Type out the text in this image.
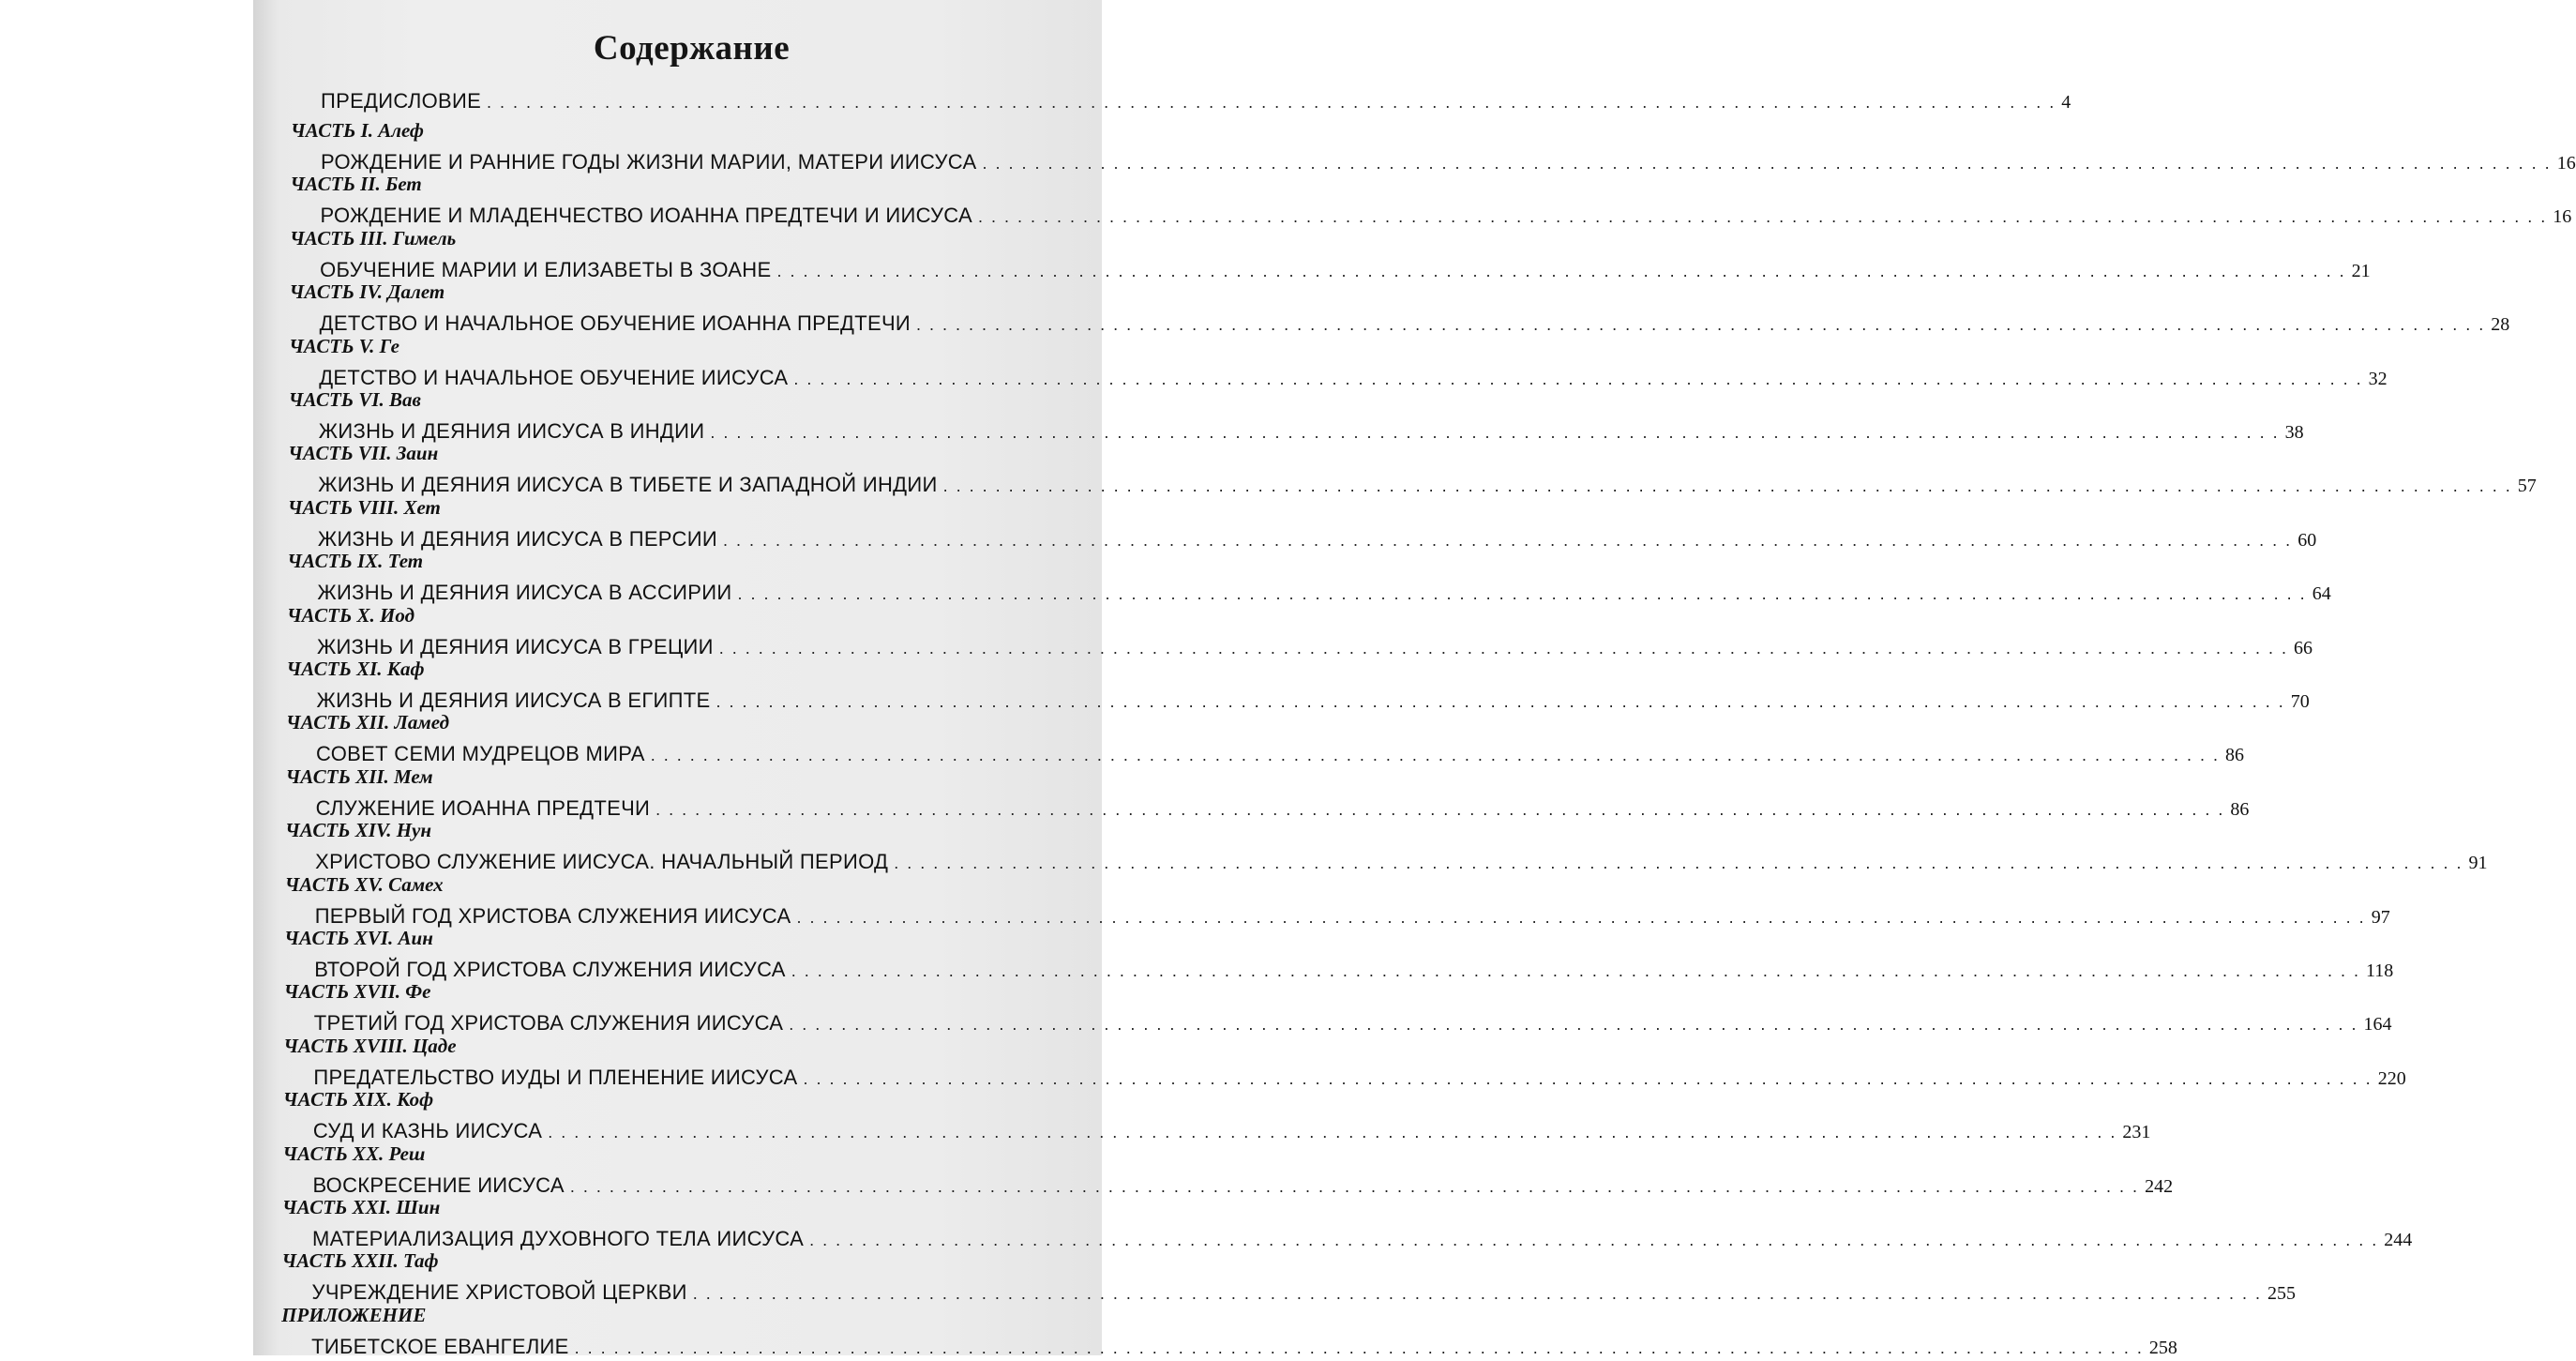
Содержание
ПРЕДИСЛОВИЕ . . . . . . . . . . . . . . . . . . . . . . . . . . . . . . . . . . . . . . . . . . . . . . . . . . . . . . . . . . . . . . . . . . . . . . . . . . . . . . . . . . . . . . . . . . . . . . . . . . . . . . . . . . . . . . . . . . . . . . . . 4
ЧАСТЬ I. Алеф
РОЖДЕНИЕ И РАННИЕ ГОДЫ ЖИЗНИ МАРИИ, МАТЕРИ ИИСУСА . . . . . . . . . . . . . . . . . . . . . . . . . . . . . . . . . . . . . . . . . . . . . . . . . . . . . . . . . . . . . . . . . . . . . . . . . . . . . . . . . . . . . . . . . . . . . . . . . . . . . . . . . . . . . . . . . . . . . . . . 16
ЧАСТЬ II. Бет
РОЖДЕНИЕ И МЛАДЕНЧЕСТВО ИОАННА ПРЕДТЕЧИ И ИИСУСА . . . . . . . . . . . . . . . . . . . . . . . . . . . . . . . . . . . . . . . . . . . . . . . . . . . . . . . . . . . . . . . . . . . . . . . . . . . . . . . . . . . . . . . . . . . . . . . . . . . . . . . . . . . . . . . . . . . . . . . . 16
ЧАСТЬ III. Гимель
ОБУЧЕНИЕ МАРИИ И ЕЛИЗАВЕТЫ В ЗОАНЕ . . . . . . . . . . . . . . . . . . . . . . . . . . . . . . . . . . . . . . . . . . . . . . . . . . . . . . . . . . . . . . . . . . . . . . . . . . . . . . . . . . . . . . . . . . . . . . . . . . . . . . . . . . . . . . . . . . . . . . . . 21
ЧАСТЬ IV. Далет
ДЕТСТВО И НАЧАЛЬНОЕ ОБУЧЕНИЕ ИОАННА ПРЕДТЕЧИ . . . . . . . . . . . . . . . . . . . . . . . . . . . . . . . . . . . . . . . . . . . . . . . . . . . . . . . . . . . . . . . . . . . . . . . . . . . . . . . . . . . . . . . . . . . . . . . . . . . . . . . . . . . . . . . . . . . . . . . . 28
ЧАСТЬ V. Ге
ДЕТСТВО И НАЧАЛЬНОЕ ОБУЧЕНИЕ ИИСУСА . . . . . . . . . . . . . . . . . . . . . . . . . . . . . . . . . . . . . . . . . . . . . . . . . . . . . . . . . . . . . . . . . . . . . . . . . . . . . . . . . . . . . . . . . . . . . . . . . . . . . . . . . . . . . . . . . . . . . . . . 32
ЧАСТЬ VI. Вав
ЖИЗНЬ И ДЕЯНИЯ ИИСУСА В ИНДИИ . . . . . . . . . . . . . . . . . . . . . . . . . . . . . . . . . . . . . . . . . . . . . . . . . . . . . . . . . . . . . . . . . . . . . . . . . . . . . . . . . . . . . . . . . . . . . . . . . . . . . . . . . . . . . . . . . . . . . . . . 38
ЧАСТЬ VII. Заин
ЖИЗНЬ И ДЕЯНИЯ ИИСУСА В ТИБЕТЕ И ЗАПАДНОЙ ИНДИИ . . . . . . . . . . . . . . . . . . . . . . . . . . . . . . . . . . . . . . . . . . . . . . . . . . . . . . . . . . . . . . . . . . . . . . . . . . . . . . . . . . . . . . . . . . . . . . . . . . . . . . . . . . . . . . . . . . . . . . . . 57
ЧАСТЬ VIII. Хет
ЖИЗНЬ И ДЕЯНИЯ ИИСУСА В ПЕРСИИ . . . . . . . . . . . . . . . . . . . . . . . . . . . . . . . . . . . . . . . . . . . . . . . . . . . . . . . . . . . . . . . . . . . . . . . . . . . . . . . . . . . . . . . . . . . . . . . . . . . . . . . . . . . . . . . . . . . . . . . . 60
ЧАСТЬ IX. Тет
ЖИЗНЬ И ДЕЯНИЯ ИИСУСА В АССИРИИ . . . . . . . . . . . . . . . . . . . . . . . . . . . . . . . . . . . . . . . . . . . . . . . . . . . . . . . . . . . . . . . . . . . . . . . . . . . . . . . . . . . . . . . . . . . . . . . . . . . . . . . . . . . . . . . . . . . . . . . . 64
ЧАСТЬ X. Иод
ЖИЗНЬ И ДЕЯНИЯ ИИСУСА В ГРЕЦИИ . . . . . . . . . . . . . . . . . . . . . . . . . . . . . . . . . . . . . . . . . . . . . . . . . . . . . . . . . . . . . . . . . . . . . . . . . . . . . . . . . . . . . . . . . . . . . . . . . . . . . . . . . . . . . . . . . . . . . . . . 66
ЧАСТЬ XI. Каф
ЖИЗНЬ И ДЕЯНИЯ ИИСУСА В ЕГИПТЕ . . . . . . . . . . . . . . . . . . . . . . . . . . . . . . . . . . . . . . . . . . . . . . . . . . . . . . . . . . . . . . . . . . . . . . . . . . . . . . . . . . . . . . . . . . . . . . . . . . . . . . . . . . . . . . . . . . . . . . . . 70
ЧАСТЬ XII. Ламед
СОВЕТ СЕМИ МУДРЕЦОВ МИРА . . . . . . . . . . . . . . . . . . . . . . . . . . . . . . . . . . . . . . . . . . . . . . . . . . . . . . . . . . . . . . . . . . . . . . . . . . . . . . . . . . . . . . . . . . . . . . . . . . . . . . . . . . . . . . . . . . . . . . . . 86
ЧАСТЬ XII. Мем
СЛУЖЕНИЕ ИОАННА ПРЕДТЕЧИ . . . . . . . . . . . . . . . . . . . . . . . . . . . . . . . . . . . . . . . . . . . . . . . . . . . . . . . . . . . . . . . . . . . . . . . . . . . . . . . . . . . . . . . . . . . . . . . . . . . . . . . . . . . . . . . . . . . . . . . . 86
ЧАСТЬ XIV. Нун
ХРИСТОВО СЛУЖЕНИЕ ИИСУСА. НАЧАЛЬНЫЙ ПЕРИОД . . . . . . . . . . . . . . . . . . . . . . . . . . . . . . . . . . . . . . . . . . . . . . . . . . . . . . . . . . . . . . . . . . . . . . . . . . . . . . . . . . . . . . . . . . . . . . . . . . . . . . . . . . . . . . . . . . . . . . . . 91
ЧАСТЬ XV. Самех
ПЕРВЫЙ ГОД ХРИСТОВА СЛУЖЕНИЯ ИИСУСА . . . . . . . . . . . . . . . . . . . . . . . . . . . . . . . . . . . . . . . . . . . . . . . . . . . . . . . . . . . . . . . . . . . . . . . . . . . . . . . . . . . . . . . . . . . . . . . . . . . . . . . . . . . . . . . . . . . . . . . . 97
ЧАСТЬ XVI. Аин
ВТОРОЙ ГОД ХРИСТОВА СЛУЖЕНИЯ ИИСУСА . . . . . . . . . . . . . . . . . . . . . . . . . . . . . . . . . . . . . . . . . . . . . . . . . . . . . . . . . . . . . . . . . . . . . . . . . . . . . . . . . . . . . . . . . . . . . . . . . . . . . . . . . . . . . . . . . . . . . . . . 118
ЧАСТЬ XVII. Фе
ТРЕТИЙ ГОД ХРИСТОВА СЛУЖЕНИЯ ИИСУСА . . . . . . . . . . . . . . . . . . . . . . . . . . . . . . . . . . . . . . . . . . . . . . . . . . . . . . . . . . . . . . . . . . . . . . . . . . . . . . . . . . . . . . . . . . . . . . . . . . . . . . . . . . . . . . . . . . . . . . . . 164
ЧАСТЬ XVIII. Цаде
ПРЕДАТЕЛЬСТВО ИУДЫ И ПЛЕНЕНИЕ ИИСУСА . . . . . . . . . . . . . . . . . . . . . . . . . . . . . . . . . . . . . . . . . . . . . . . . . . . . . . . . . . . . . . . . . . . . . . . . . . . . . . . . . . . . . . . . . . . . . . . . . . . . . . . . . . . . . . . . . . . . . . . . 220
ЧАСТЬ XIX. Коф
СУД И КАЗНЬ ИИСУСА . . . . . . . . . . . . . . . . . . . . . . . . . . . . . . . . . . . . . . . . . . . . . . . . . . . . . . . . . . . . . . . . . . . . . . . . . . . . . . . . . . . . . . . . . . . . . . . . . . . . . . . . . . . . . . . . . . . . . . . . 231
ЧАСТЬ XX. Реш
ВОСКРЕСЕНИЕ ИИСУСА . . . . . . . . . . . . . . . . . . . . . . . . . . . . . . . . . . . . . . . . . . . . . . . . . . . . . . . . . . . . . . . . . . . . . . . . . . . . . . . . . . . . . . . . . . . . . . . . . . . . . . . . . . . . . . . . . . . . . . . . 242
ЧАСТЬ XXI. Шин
МАТЕРИАЛИЗАЦИЯ ДУХОВНОГО ТЕЛА ИИСУСА . . . . . . . . . . . . . . . . . . . . . . . . . . . . . . . . . . . . . . . . . . . . . . . . . . . . . . . . . . . . . . . . . . . . . . . . . . . . . . . . . . . . . . . . . . . . . . . . . . . . . . . . . . . . . . . . . . . . . . . . 244
ЧАСТЬ XXII. Таф
УЧРЕЖДЕНИЕ ХРИСТОВОЙ ЦЕРКВИ . . . . . . . . . . . . . . . . . . . . . . . . . . . . . . . . . . . . . . . . . . . . . . . . . . . . . . . . . . . . . . . . . . . . . . . . . . . . . . . . . . . . . . . . . . . . . . . . . . . . . . . . . . . . . . . . . . . . . . . . 255
ПРИЛОЖЕНИЕ
ТИБЕТСКОЕ ЕВАНГЕЛИЕ . . . . . . . . . . . . . . . . . . . . . . . . . . . . . . . . . . . . . . . . . . . . . . . . . . . . . . . . . . . . . . . . . . . . . . . . . . . . . . . . . . . . . . . . . . . . . . . . . . . . . . . . . . . . . . . . . . . . . . . . 258
